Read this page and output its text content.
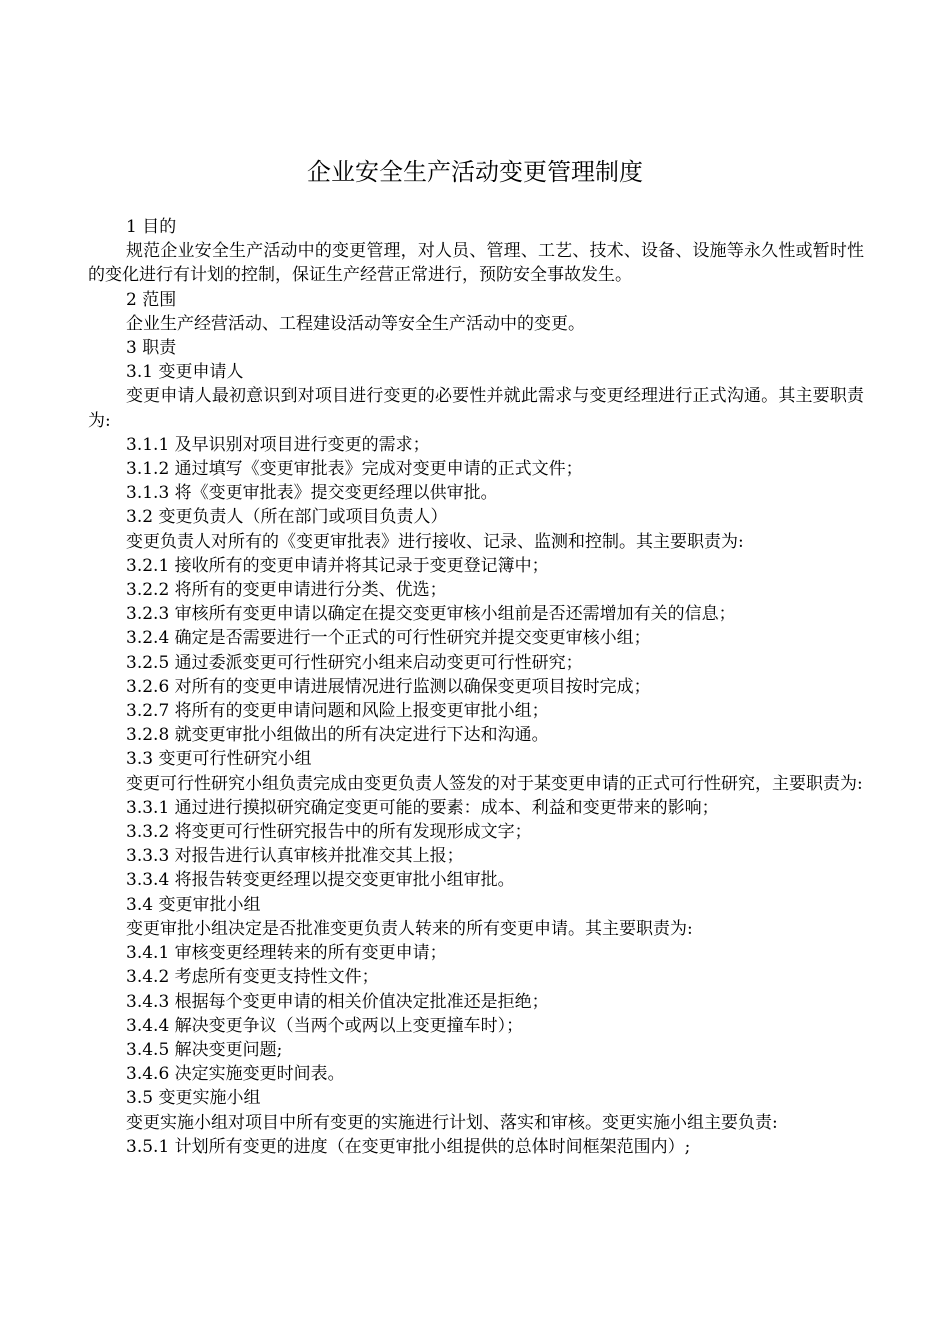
企业安全生产活动变更管理制度

1 目的

规范企业安全生产活动中的变更管理，对人员、管理、工艺、技术、设备、设施等永久性或暂时性的变化进行有计划的控制，保证生产经营正常进行，预防安全事故发生。

2 范围

企业生产经营活动、工程建设活动等安全生产活动中的变更。

3 职责

3.1 变更申请人

变更申请人最初意识到对项目进行变更的必要性并就此需求与变更经理进行正式沟通。其主要职责为:

3.1.1 及早识别对项目进行变更的需求；

3.1.2 通过填写《变更审批表》完成对变更申请的正式文件；

3.1.3 将《变更审批表》提交变更经理以供审批。

3.2 变更负责人（所在部门或项目负责人）

变更负责人对所有的《变更审批表》进行接收、记录、监测和控制。其主要职责为:

3.2.1 接收所有的变更申请并将其记录于变更登记簿中；

3.2.2 将所有的变更申请进行分类、优选；

3.2.3 审核所有变更申请以确定在提交变更审核小组前是否还需增加有关的信息；

3.2.4 确定是否需要进行一个正式的可行性研究并提交变更审核小组；

3.2.5 通过委派变更可行性研究小组来启动变更可行性研究；

3.2.6 对所有的变更申请进展情况进行监测以确保变更项目按时完成；

3.2.7 将所有的变更申请问题和风险上报变更审批小组；

3.2.8 就变更审批小组做出的所有决定进行下达和沟通。

3.3 变更可行性研究小组

变更可行性研究小组负责完成由变更负责人签发的对于某变更申请的正式可行性研究，主要职责为:

3.3.1 通过进行摸拟研究确定变更可能的要素：成本、利益和变更带来的影响；

3.3.2 将变更可行性研究报告中的所有发现形成文字；

3.3.3 对报告进行认真审核并批准交其上报；

3.3.4 将报告转变更经理以提交变更审批小组审批。

3.4 变更审批小组

变更审批小组决定是否批准变更负责人转来的所有变更申请。其主要职责为:

3.4.1 审核变更经理转来的所有变更申请；

3.4.2 考虑所有变更支持性文件；

3.4.3 根据每个变更申请的相关价值决定批准还是拒绝；

3.4.4 解决变更争议（当两个或两以上变更撞车时）；

3.4.5 解决变更问题;

3.4.6 决定实施变更时间表。

3.5 变更实施小组

变更实施小组对项目中所有变更的实施进行计划、落实和审核。变更实施小组主要负责:

3.5.1 计划所有变更的进度（在变更审批小组提供的总体时间框架范围内）;
